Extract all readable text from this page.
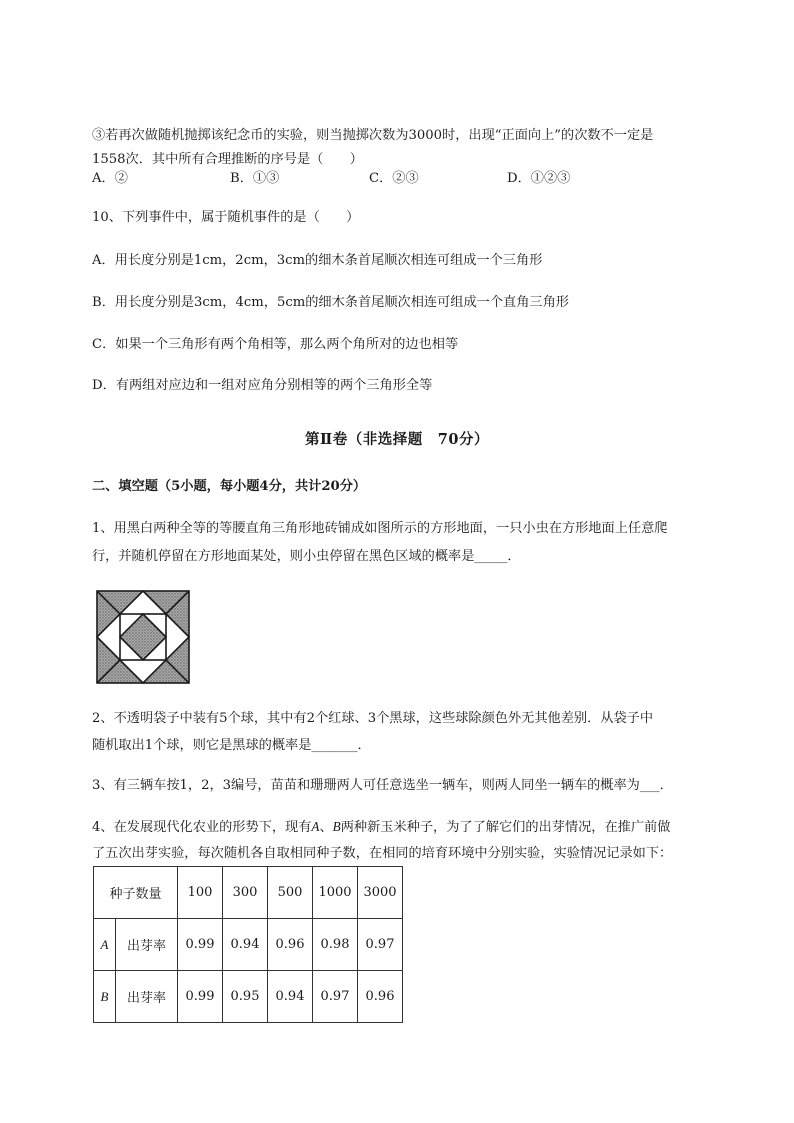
③若再次做随机抛掷该纪念币的实验，则当抛掷次数为3000时，出现“正面向上”的次数不一定是
1558次．其中所有合理推断的序号是（　　）
A．②	B．①③	C．②③	D．①②③
10、下列事件中，属于随机事件的是（　　）
A．用长度分别是1cm，2cm，3cm的细木条首尾顺次相连可组成一个三角形
B．用长度分别是3cm，4cm，5cm的细木条首尾顺次相连可组成一个直角三角形
C．如果一个三角形有两个角相等，那么两个角所对的边也相等
D．有两组对应边和一组对应角分别相等的两个三角形全等
第Ⅱ卷（非选择题　70分）
二、填空题（5小题，每小题4分，共计20分）
1、用黑白两种全等的等腰直角三角形地砖铺成如图所示的方形地面，一只小虫在方形地面上任意爬
行，并随机停留在方形地面某处，则小虫停留在黑色区域的概率是_____．
2、不透明袋子中装有5个球，其中有2个红球、3个黑球，这些球除颜色外无其他差别．从袋子中
随机取出1个球，则它是黑球的概率是_______．
3、有三辆车按1，2，3编号，苗苗和珊珊两人可任意选坐一辆车，则两人同坐一辆车的概率为___．
4、在发展现代化农业的形势下，现有A、B两种新玉米种子，为了了解它们的出芽情况，在推广前做
了五次出芽实验，每次随机各自取相同种子数，在相同的培育环境中分别实验，实验情况记录如下：
种子数量		100	300	500	1000	3000
A	出芽率	0.99	0.94	0.96	0.98	0.97
B	出芽率	0.99	0.95	0.94	0.97	0.96
